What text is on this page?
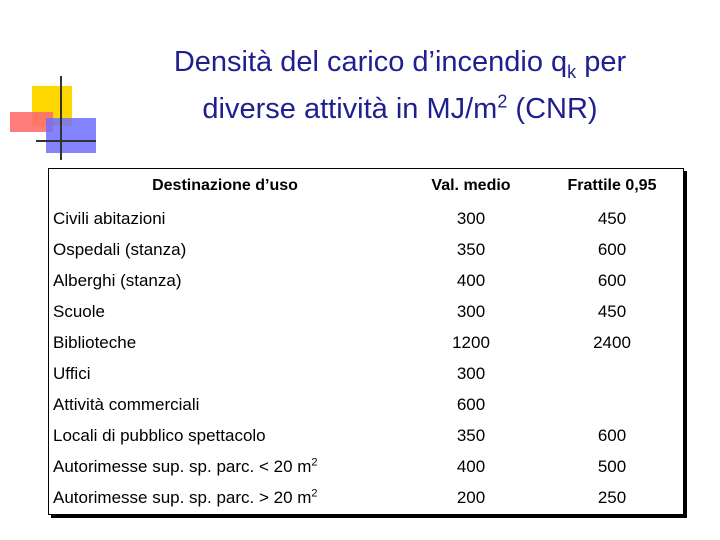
Densità del carico d’incendio $q_k$ per
diverse attività in $MJ/m^2$ (CNR)
Destinazione d’uso	Val. medio	Frattile 0,95
Civili abitazioni	300	450
Ospedali (stanza)	350	600
Alberghi (stanza)	400	600
Scuole	300	450
Biblioteche	1200	2400
Uffici	300	
Attività commerciali	600	
Locali di pubblico spettacolo	350	600
Autorimesse sup. sp. parc. < 20 $m^2$	400	500
Autorimesse sup. sp. parc. > 20 $m^2$	200	250
